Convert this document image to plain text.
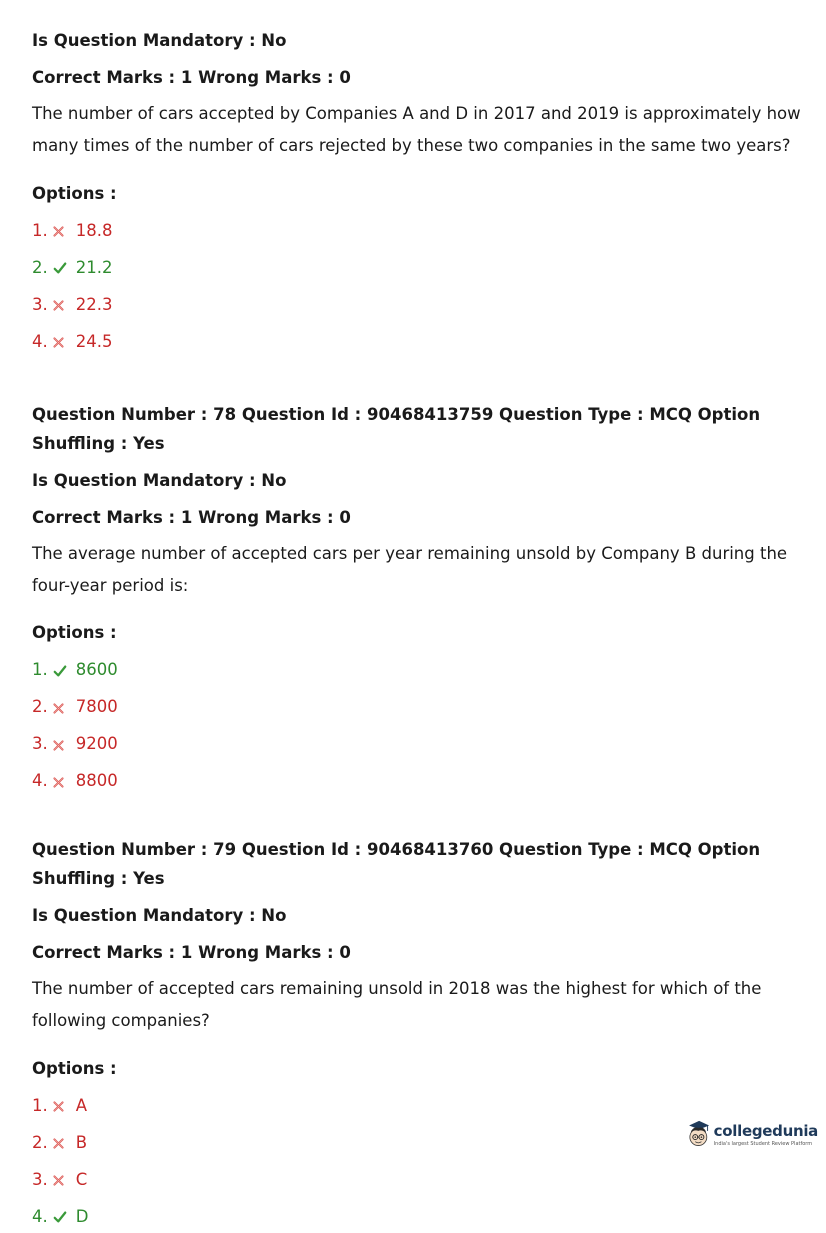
Is Question Mandatory : No

Correct Marks : 1 Wrong Marks : 0

The number of cars accepted by Companies A and D in 2017 and 2019 is approximately how many times of the number of cars rejected by these two companies in the same two years?

Options :

1. 18.8
2. 21.2
3. 22.3
4. 24.5

Question Number : 78 Question Id : 90468413759 Question Type : MCQ Option Shuffling : Yes

Is Question Mandatory : No

Correct Marks : 1 Wrong Marks : 0

The average number of accepted cars per year remaining unsold by Company B during the four-year period is:

Options :

1. 8600
2. 7800
3. 9200
4. 8800

Question Number : 79 Question Id : 90468413760 Question Type : MCQ Option Shuffling : Yes

Is Question Mandatory : No

Correct Marks : 1 Wrong Marks : 0

The number of accepted cars remaining unsold in 2018 was the highest for which of the following companies?

Options :

1. A
2. B
3. C
4. D
collegedunia
India's largest Student Review Platform
